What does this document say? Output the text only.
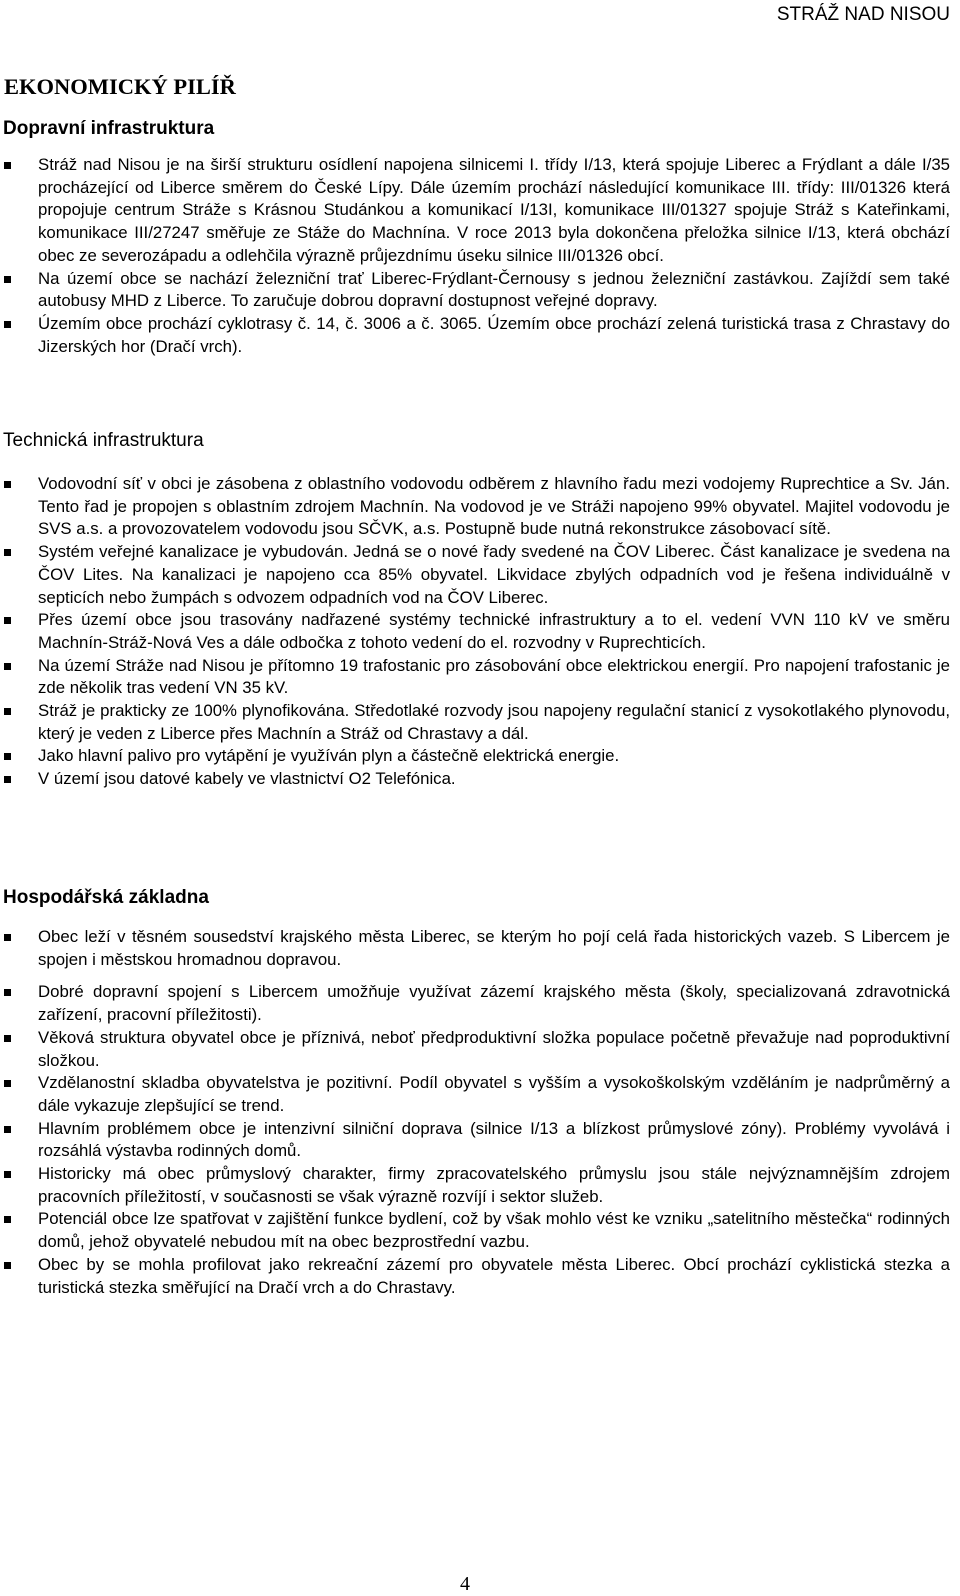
STRÁŽ NAD NISOU
EKONOMICKÝ PILÍŘ
Dopravní infrastruktura
Stráž nad Nisou je na širší strukturu osídlení napojena silnicemi I. třídy I/13, která spojuje Liberec a Frýdlant a dále I/35 procházející od Liberce směrem do České Lípy. Dále územím prochází následující komunikace III. třídy: III/01326 která propojuje centrum Stráže s Krásnou Studánkou a komunikací I/13I, komunikace III/01327 spojuje Stráž s Kateřinkami, komunikace III/27247 směřuje ze Stáže do Machnína. V roce 2013 byla dokončena přeložka silnice I/13, která obchází obec ze severozápadu a odlehčila výrazně průjezdnímu úseku silnice III/01326 obcí.
Na území obce se nachází železniční trať Liberec-Frýdlant-Černousy s jednou železniční zastávkou. Zajíždí sem také autobusy MHD z Liberce. To zaručuje dobrou dopravní dostupnost veřejné dopravy.
Územím obce prochází cyklotrasy č. 14, č. 3006 a č. 3065. Územím obce prochází zelená turistická trasa z Chrastavy do Jizerských hor (Dračí vrch).
Technická infrastruktura
Vodovodní síť v obci je zásobena z oblastního vodovodu odběrem z hlavního řadu mezi vodojemy Ruprechtice a Sv. Ján. Tento řad je propojen s oblastním zdrojem Machnín. Na vodovod je ve Stráži napojeno 99% obyvatel. Majitel vodovodu je SVS a.s. a provozovatelem vodovodu jsou SČVK, a.s. Postupně bude nutná rekonstrukce zásobovací sítě.
Systém veřejné kanalizace je vybudován. Jedná se o nové řady svedené na ČOV Liberec. Část kanalizace je svedena na ČOV Lites. Na kanalizaci je napojeno cca 85% obyvatel. Likvidace zbylých odpadních vod je řešena individuálně v septicích nebo žumpách s odvozem odpadních vod na ČOV Liberec.
Přes území obce jsou trasovány nadřazené systémy technické infrastruktury a to el. vedení VVN 110 kV ve směru Machnín-Stráž-Nová Ves a dále odbočka z tohoto vedení do el. rozvodny v Ruprechticích.
Na území Stráže nad Nisou je přítomno 19 trafostanic pro zásobování obce elektrickou energií. Pro napojení trafostanic je zde několik tras vedení VN 35 kV.
Stráž je prakticky ze 100% plynofikována. Středotlaké rozvody jsou napojeny regulační stanicí z vysokotlakého plynovodu, který je veden z Liberce přes Machnín a Stráž od Chrastavy a dál.
Jako hlavní palivo pro vytápění je využíván plyn a částečně elektrická energie.
V území jsou datové kabely ve vlastnictví O2 Telefónica.
Hospodářská základna
Obec leží v těsném sousedství krajského města Liberec, se kterým ho pojí celá řada historických vazeb. S Libercem je spojen i městskou hromadnou dopravou.
Dobré dopravní spojení s Libercem umožňuje využívat zázemí krajského města (školy, specializovaná zdravotnická zařízení, pracovní příležitosti).
Věková struktura obyvatel obce je příznivá, neboť předproduktivní složka populace početně převažuje nad poproduktivní složkou.
Vzdělanostní skladba obyvatelstva je pozitivní. Podíl obyvatel s vyšším a vysokoškolským vzděláním je nadprůměrný a dále vykazuje zlepšující se trend.
Hlavním problémem obce je intenzivní silniční doprava (silnice I/13 a blízkost průmyslové zóny). Problémy vyvolává i rozsáhlá výstavba rodinných domů.
Historicky má obec průmyslový charakter, firmy zpracovatelského průmyslu jsou stále nejvýznamnějším zdrojem pracovních příležitostí, v současnosti se však výrazně rozvíjí i sektor služeb.
Potenciál obce lze spatřovat v zajištění funkce bydlení, což by však mohlo vést ke vzniku „satelitního městečka“ rodinných domů, jehož obyvatelé nebudou mít na obec bezprostřední vazbu.
Obec by se mohla profilovat jako rekreační zázemí pro obyvatele města Liberec. Obcí prochází cyklistická stezka a turistická stezka směřující na Dračí vrch a do Chrastavy.
4
